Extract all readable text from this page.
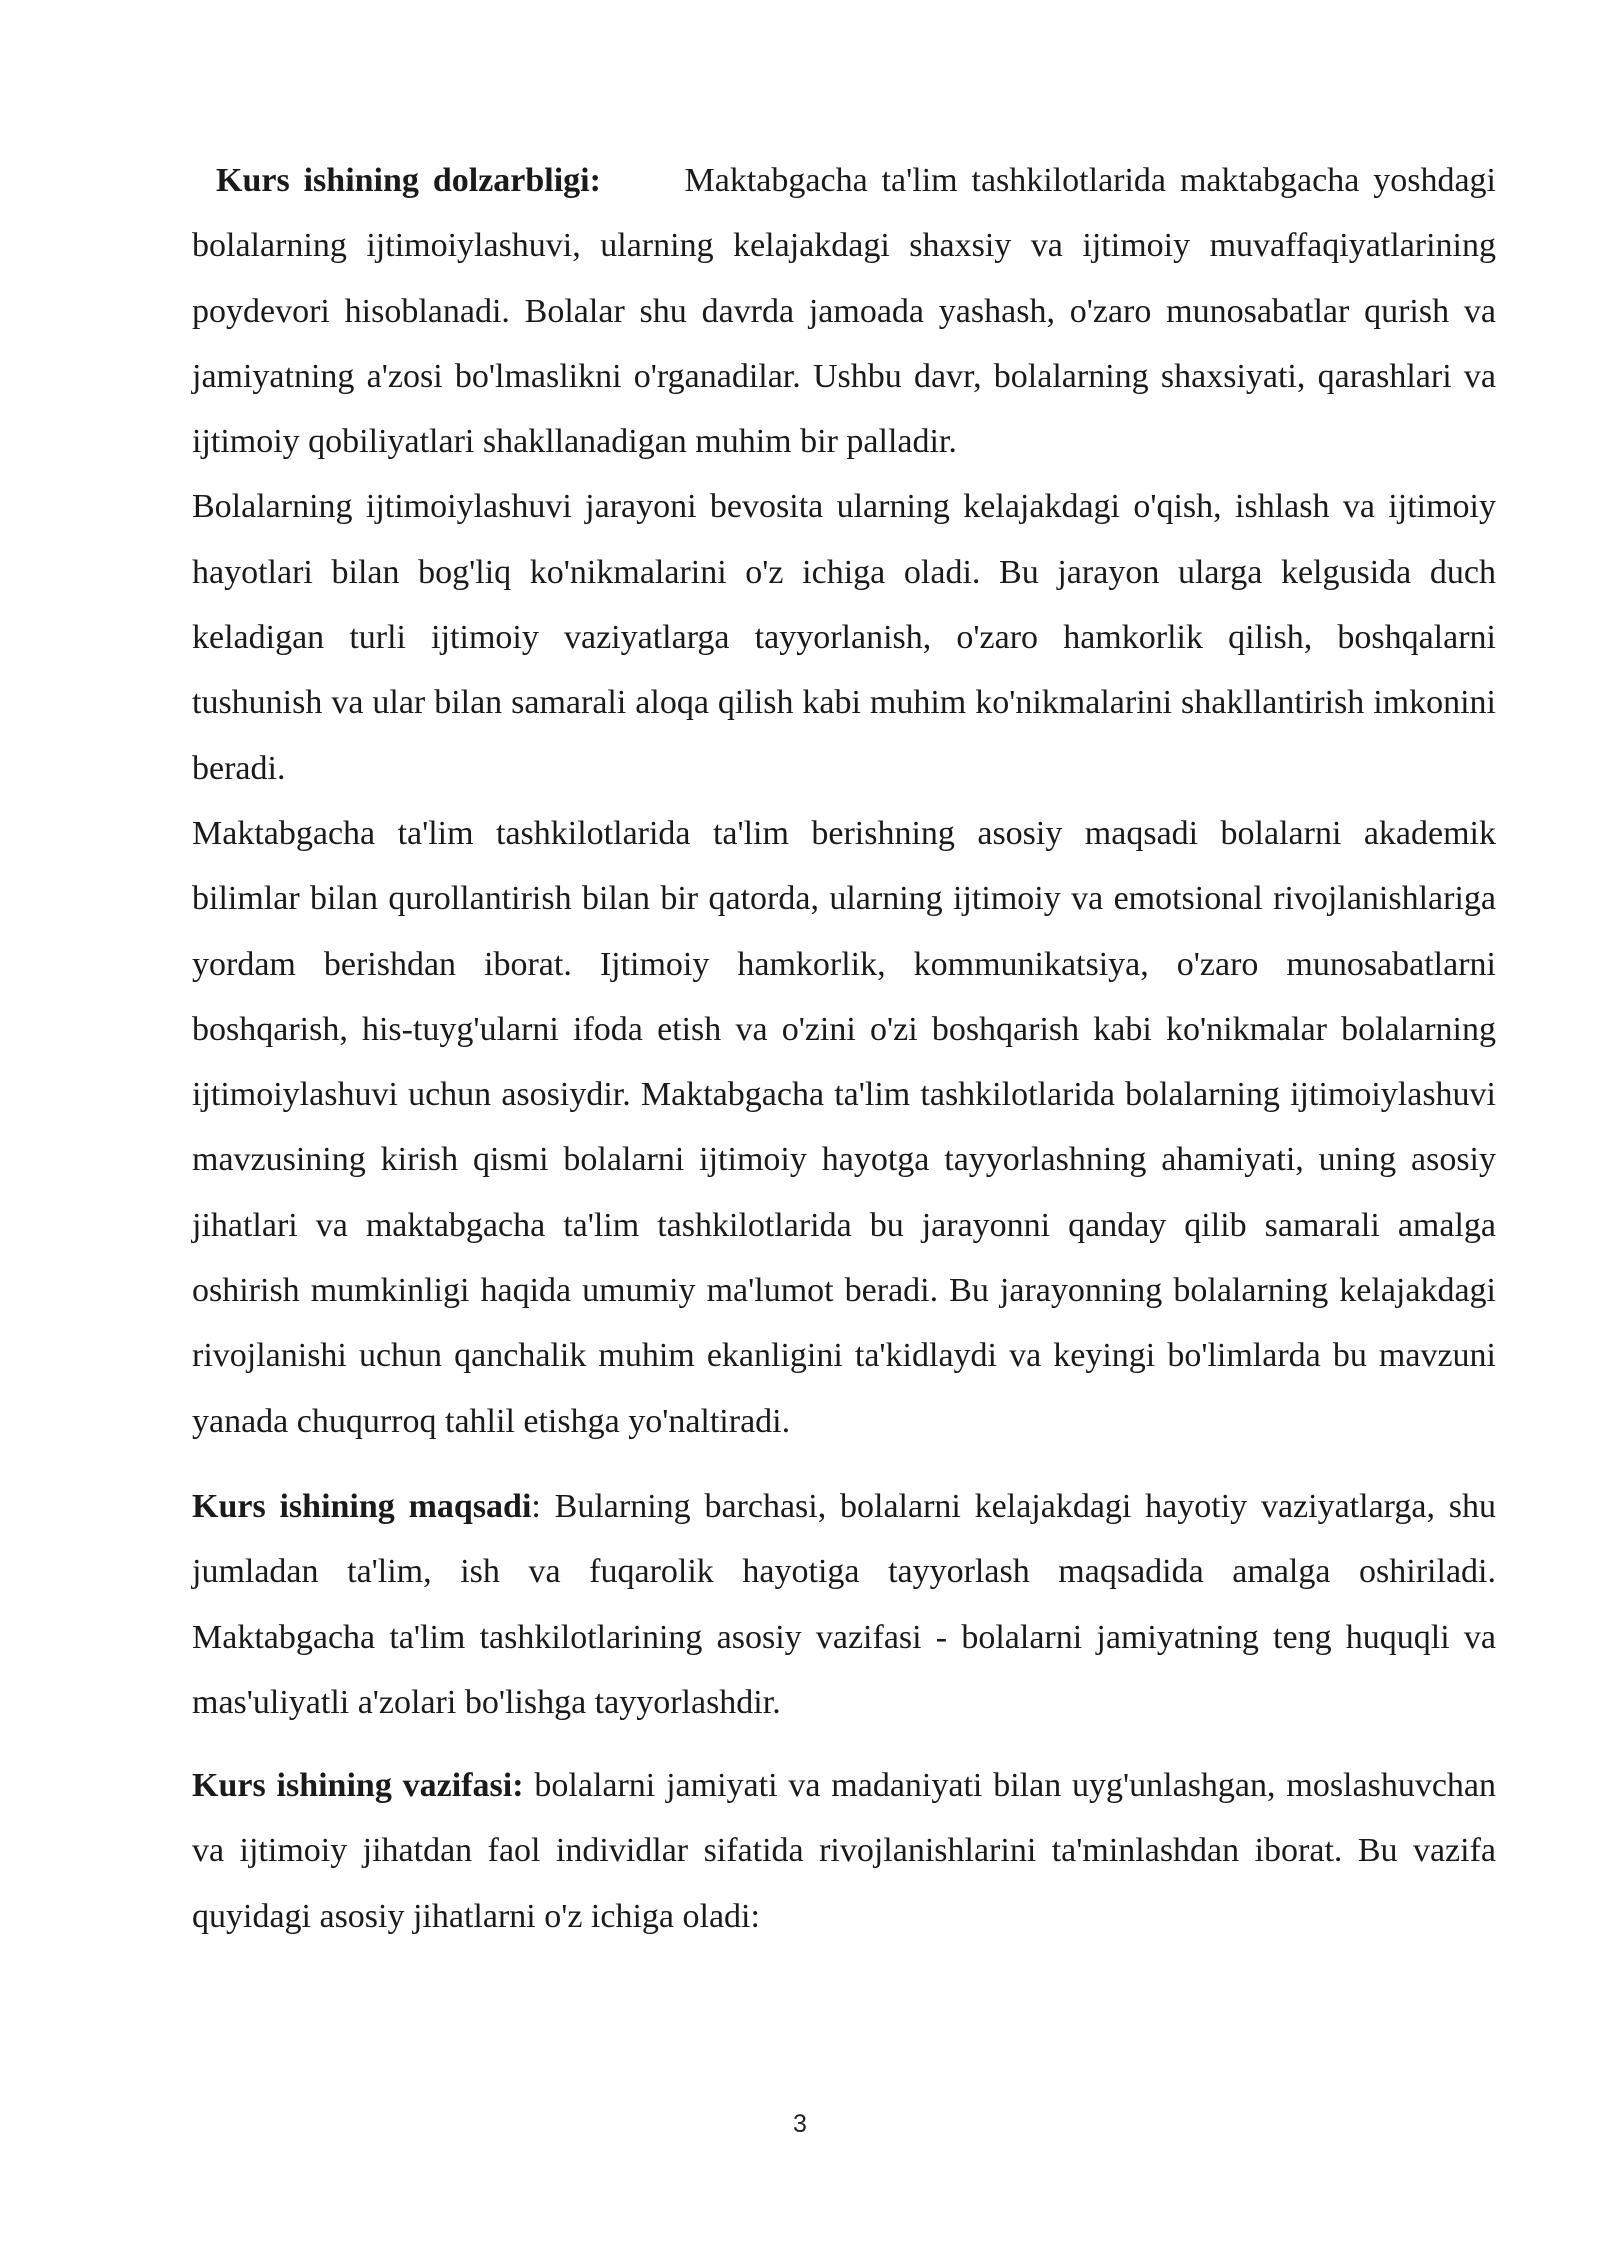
Kurs ishining dolzarbligi: Maktabgacha ta'lim tashkilotlarida maktabgacha yoshdagi bolalarning ijtimoiylashuvi, ularning kelajakdagi shaxsiy va ijtimoiy muvaffaqiyatlarining poydevori hisoblanadi. Bolalar shu davrda jamoada yashash, o'zaro munosabatlar qurish va jamiyatning a'zosi bo'lmaslikni o'rganadilar. Ushbu davr, bolalarning shaxsiyati, qarashlari va ijtimoiy qobiliyatlari shakllanadigan muhim bir palladir.

Bolalarning ijtimoiylashuvi jarayoni bevosita ularning kelajakdagi o'qish, ishlash va ijtimoiy hayotlari bilan bog'liq ko'nikmalarini o'z ichiga oladi. Bu jarayon ularga kelgusida duch keladigan turli ijtimoiy vaziyatlarga tayyorlanish, o'zaro hamkorlik qilish, boshqalarni tushunish va ular bilan samarali aloqa qilish kabi muhim ko'nikmalarini shakllantirish imkonini beradi.

Maktabgacha ta'lim tashkilotlarida ta'lim berishning asosiy maqsadi bolalarni akademik bilimlar bilan qurollantirish bilan bir qatorda, ularning ijtimoiy va emotsional rivojlanishlariga yordam berishdan iborat. Ijtimoiy hamkorlik, kommunikatsiya, o'zaro munosabatlarni boshqarish, his-tuyg'ularni ifoda etish va o'zini o'zi boshqarish kabi ko'nikmalar bolalarning ijtimoiylashuvi uchun asosiydir. Maktabgacha ta'lim tashkilotlarida bolalarning ijtimoiylashuvi mavzusining kirish qismi bolalarni ijtimoiy hayotga tayyorlashning ahamiyati, uning asosiy jihatlari va maktabgacha ta'lim tashkilotlarida bu jarayonni qanday qilib samarali amalga oshirish mumkinligi haqida umumiy ma'lumot beradi. Bu jarayonning bolalarning kelajakdagi rivojlanishi uchun qanchalik muhim ekanligini ta'kidlaydi va keyingi bo'limlarda bu mavzuni yanada chuqurroq tahlil etishga yo'naltiradi.

Kurs ishining maqsadi: Bularning barchasi, bolalarni kelajakdagi hayotiy vaziyatlarga, shu jumladan ta'lim, ish va fuqarolik hayotiga tayyorlash maqsadida amalga oshiriladi. Maktabgacha ta'lim tashkilotlarining asosiy vazifasi - bolalarni jamiyatning teng huquqli va mas'uliyatli a'zolari bo'lishga tayyorlashdir.

Kurs ishining vazifasi: bolalarni jamiyati va madaniyati bilan uyg'unlashgan, moslashuvchan va ijtimoiy jihatdan faol individlar sifatida rivojlanishlarini ta'minlashdan iborat. Bu vazifa quyidagi asosiy jihatlarni o'z ichiga oladi:

3
